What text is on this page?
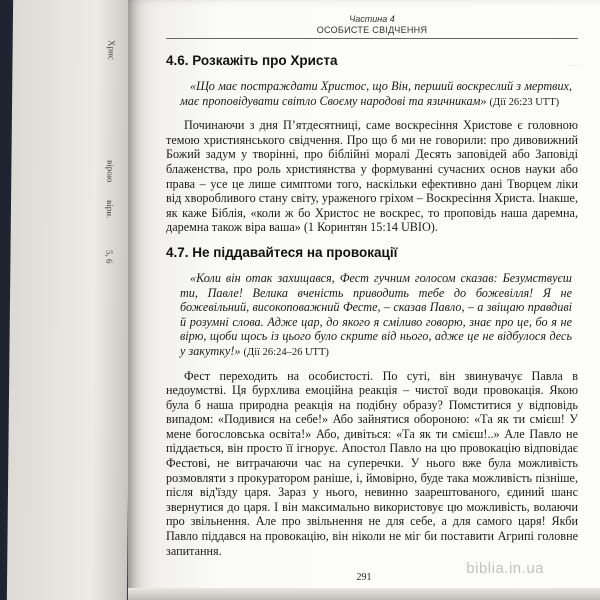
Хрис
вірою
віри.
5, 6
……
Частина 4
ОСОБИСТЕ СВІДЧЕННЯ
4.6. Розкажіть про Христа
«Що має постраждати Христос, що Він, перший воскреслий з мертвих, має проповідувати світло Своєму народові та язичникам» (Дії 26:23 UTT)

Починаючи з дня П’ятдесятниці, саме воскресіння Христове є головною темою християнського свідчення. Про що б ми не говорили: про дивовижний Божий задум у творінні, про біблійні моралі Десять заповідей або Заповіді блаженства, про роль християнства у формуванні сучасних основ науки або права – усе це лише симптоми того, наскільки ефективно дані Творцем ліки від хворобливого стану світу, ураженого гріхом – Воскресіння Христа. Інакше, як каже Біблія, «коли ж бо Христос не воскрес, то проповідь наша даремна, даремна також віра ваша» (1 Коринтян 15:14 UBIO).

4.7. Не піддавайтеся на провокації
«Коли він отак захищався, Фест гучним голосом сказав: Безумствуєш ти, Павле! Велика вченість приводить тебе до божевілля! Я не божевільний, високоповажний Фесте, – сказав Павло, – а звіщаю правдиві й розумні слова. Адже цар, до якого я сміливо говорю, знає про це, бо я не вірю, щоби щось із цього було скрите від нього, адже це не відбулося десь у закутку!» (Дії 26:24–26 UTT)

Фест переходить на особистості. По суті, він звинувачує Павла в недоумстві. Ця бурхлива емоційна реакція – чистої води провокація. Якою була б наша природна реакція на подібну образу? Помститися у відповідь випадом: «Подивися на себе!» Або зайнятися обороною: «Та як ти смієш! У мене богословська освіта!» Або, дивіться: «Та як ти смієш!..» Але Павло не піддається, він просто її ігнорує. Апостол Павло на цю провокацію відповідає Фестові, не витрачаючи час на суперечки. У нього вже була можливість розмовляти з прокуратором раніше, і, ймовірно, буде така можливість пізніше, після від'їзду царя. Зараз у нього, невинно заарештованого, єдиний шанс звернутися до царя. І він максимально використовує цю можливість, волаючи про звільнення. Але про звільнення не для себе, а для самого царя! Якби Павло піддався на провокацію, він ніколи не міг би поставити Агрипі головне запитання.

biblia.in.ua
291
